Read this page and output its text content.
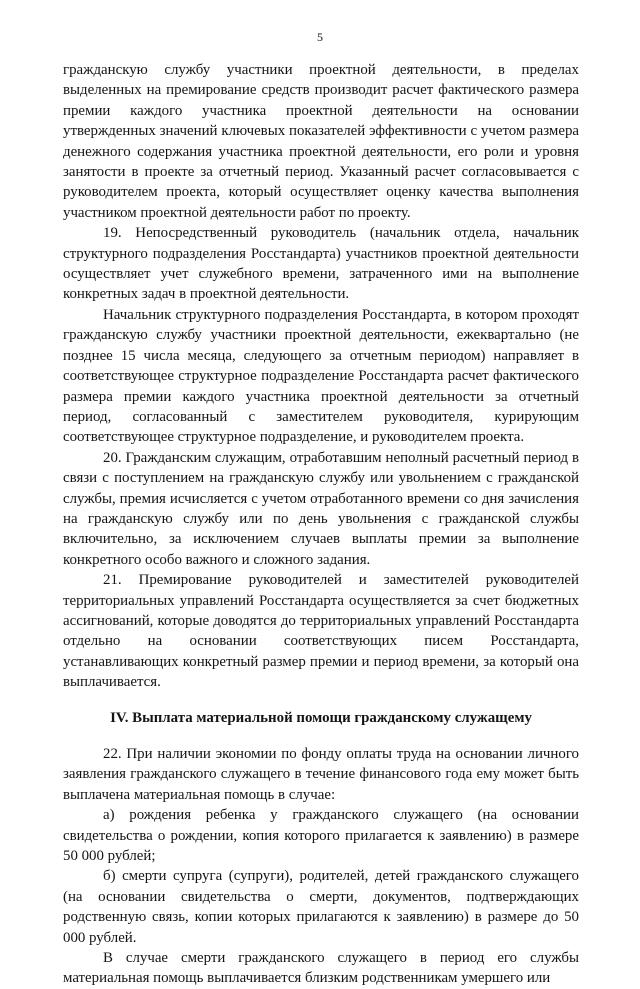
5

гражданскую службу участники проектной деятельности, в пределах выделенных на премирование средств производит расчет фактического размера премии каждого участника проектной деятельности на основании утвержденных значений ключевых показателей эффективности с учетом размера денежного содержания участника проектной деятельности, его роли и уровня занятости в проекте за отчетный период. Указанный расчет согласовывается с руководителем проекта, который осуществляет оценку качества выполнения участником проектной деятельности работ по проекту.

19. Непосредственный руководитель (начальник отдела, начальник структурного подразделения Росстандарта) участников проектной деятельности осуществляет учет служебного времени, затраченного ими на выполнение конкретных задач в проектной деятельности.

Начальник структурного подразделения Росстандарта, в котором проходят гражданскую службу участники проектной деятельности, ежеквартально (не позднее 15 числа месяца, следующего за отчетным периодом) направляет в соответствующее структурное подразделение Росстандарта расчет фактического размера премии каждого участника проектной деятельности за отчетный период, согласованный с заместителем руководителя, курирующим соответствующее структурное подразделение, и руководителем проекта.

20. Гражданским служащим, отработавшим неполный расчетный период в связи с поступлением на гражданскую службу или увольнением с гражданской службы, премия исчисляется с учетом отработанного времени со дня зачисления на гражданскую службу или по день увольнения с гражданской службы включительно, за исключением случаев выплаты премии за выполнение конкретного особо важного и сложного задания.

21. Премирование руководителей и заместителей руководителей территориальных управлений Росстандарта осуществляется за счет бюджетных ассигнований, которые доводятся до территориальных управлений Росстандарта отдельно на основании соответствующих писем Росстандарта, устанавливающих конкретный размер премии и период времени, за который она выплачивается.

IV. Выплата материальной помощи гражданскому служащему

22. При наличии экономии по фонду оплаты труда на основании личного заявления гражданского служащего в течение финансового года ему может быть выплачена материальная помощь в случае:

а) рождения ребенка у гражданского служащего (на основании свидетельства о рождении, копия которого прилагается к заявлению) в размере 50 000 рублей;

б) смерти супруга (супруги), родителей, детей гражданского служащего (на основании свидетельства о смерти, документов, подтверждающих родственную связь, копии которых прилагаются к заявлению) в размере до 50 000 рублей.

В случае смерти гражданского служащего в период его службы материальная помощь выплачивается близким родственникам умершего или
